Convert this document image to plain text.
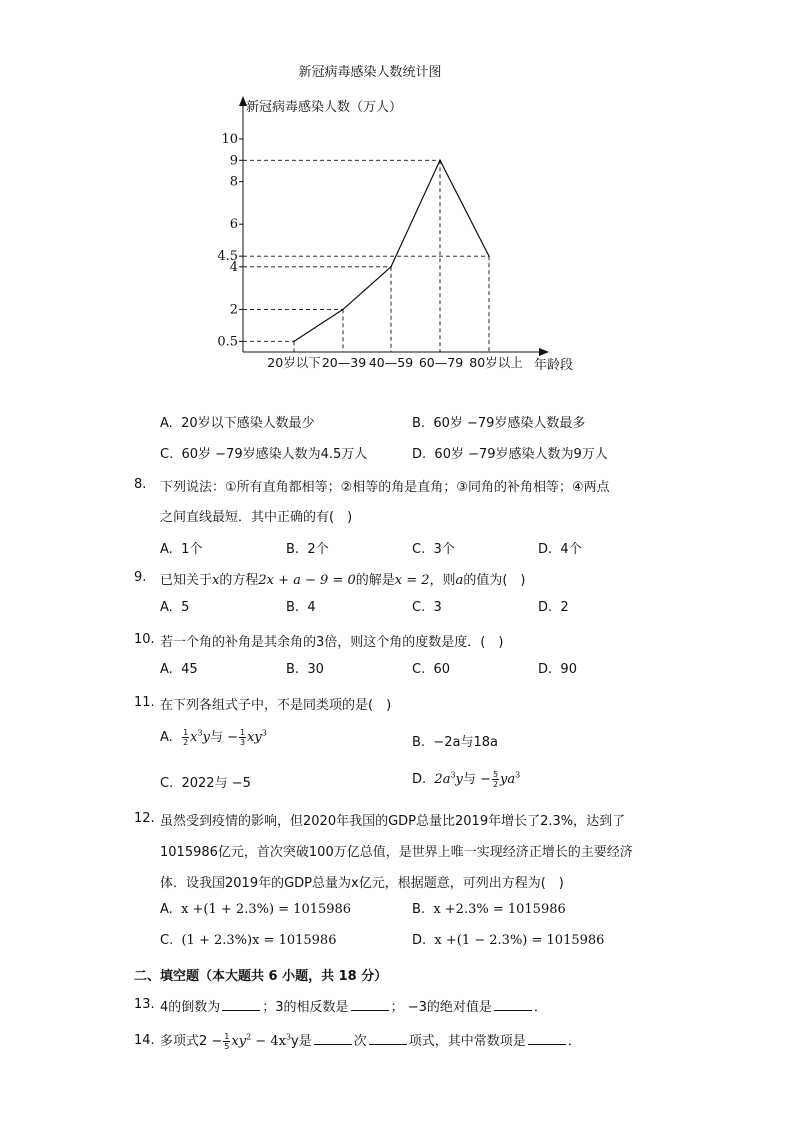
新冠病毒感染人数统计图
新冠病毒感染人数（万人）
年龄段
10
9
8
6
4.5
4
2
0.5
20岁以下 20—39 40—59 60—79 80岁以上
A. 20岁以下感染人数最少	B. 60岁 −79岁感染人数最多
C. 60岁 −79岁感染人数为4.5万人	D. 60岁 −79岁感染人数为9万人
8. 下列说法：①所有直角都相等；②相等的角是直角；③同角的补角相等；④两点
之间直线最短．其中正确的有(　)
A. 1个	B. 2个	C. 3个	D. 4个
9. 已知关于x的方程2x + a − 9 = 0的解是x = 2，则a的值为(　)
A. 5	B. 4	C. 3	D. 2
10. 若一个角的补角是其余角的3倍，则这个角的度数是度．(　)
A. 45	B. 30	C. 60	D. 90
11. 在下列各组式子中，不是同类项的是(　)
A. $\frac{1}{2} x^3y$与 − $\frac{1}{3} xy^3$
B.  −2a与18a
C. 2022与 −5	D. $2a^3y$与 − $\frac{5}{2} ya^3$
12. 虽然受到疫情的影响，但2020年我国的GDP总量比2019年增长了2.3%，达到了
1015986亿元，首次突破100万亿总值，是世界上唯一实现经济正增长的主要经济
体．设我国2019年的GDP总量为x亿元，根据题意，可列出方程为(　)
A. x +(1 + 2.3%) = 1015986	B. x +2.3% = 1015986
C. (1 + 2.3%)x = 1015986	D. x +(1 − 2.3%) = 1015986
二、填空题（本大题共 6 小题，共 18 分）
13. 4的倒数为	；3的相反数是	； −3的绝对值是	．
14. 多项式$2 - \frac{1}{5} xy^2 - 4x^3y$是	次	项式，其中常数项是	．
